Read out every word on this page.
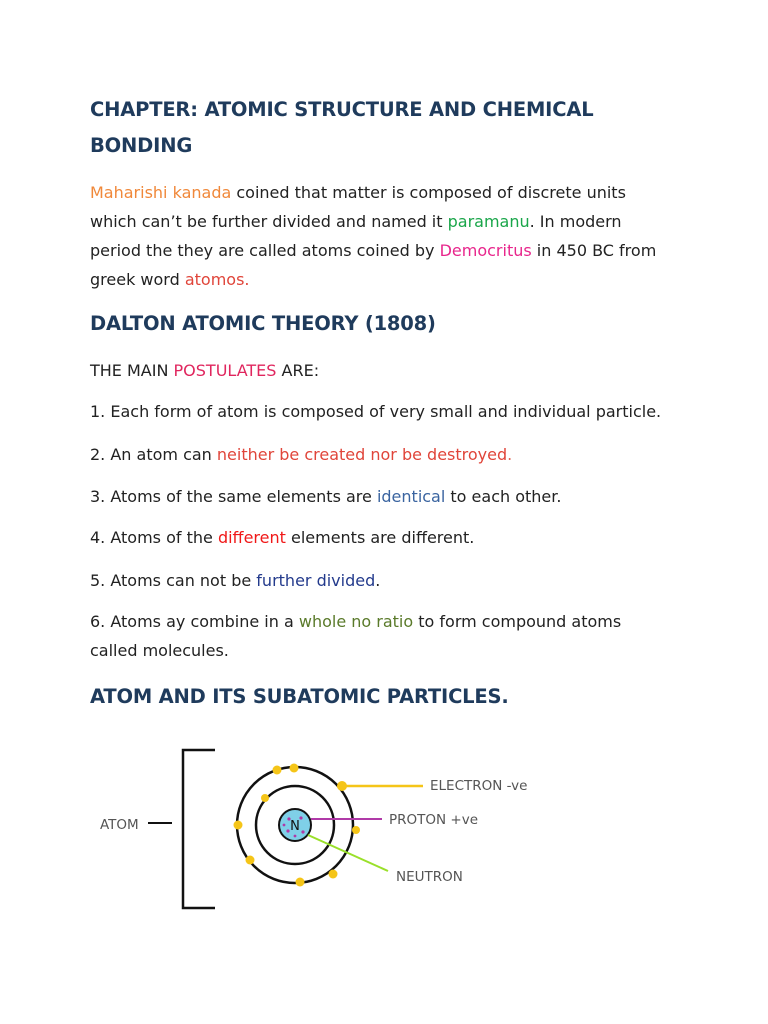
CHAPTER: ATOMIC STRUCTURE AND CHEMICAL
BONDING
Maharishi kanada coined that matter is composed of discrete units
which can’t be further divided and named it paramanu. In modern
period the they are called atoms coined by Democritus in 450 BC from
greek word atomos.
DALTON ATOMIC THEORY (1808)
THE MAIN POSTULATES ARE:
1. Each form of atom is composed of very small and individual particle.
2. An atom can neither be created nor be destroyed.
3. Atoms of the same elements are identical to each other.
4. Atoms of the different elements are different.
5. Atoms can not be further divided.
6. Atoms ay combine in a whole no ratio to form compound atoms
called molecules.
ATOM AND ITS SUBATOMIC PARTICLES.
N
ATOM
ELECTRON -ve
PROTON +ve
NEUTRON
